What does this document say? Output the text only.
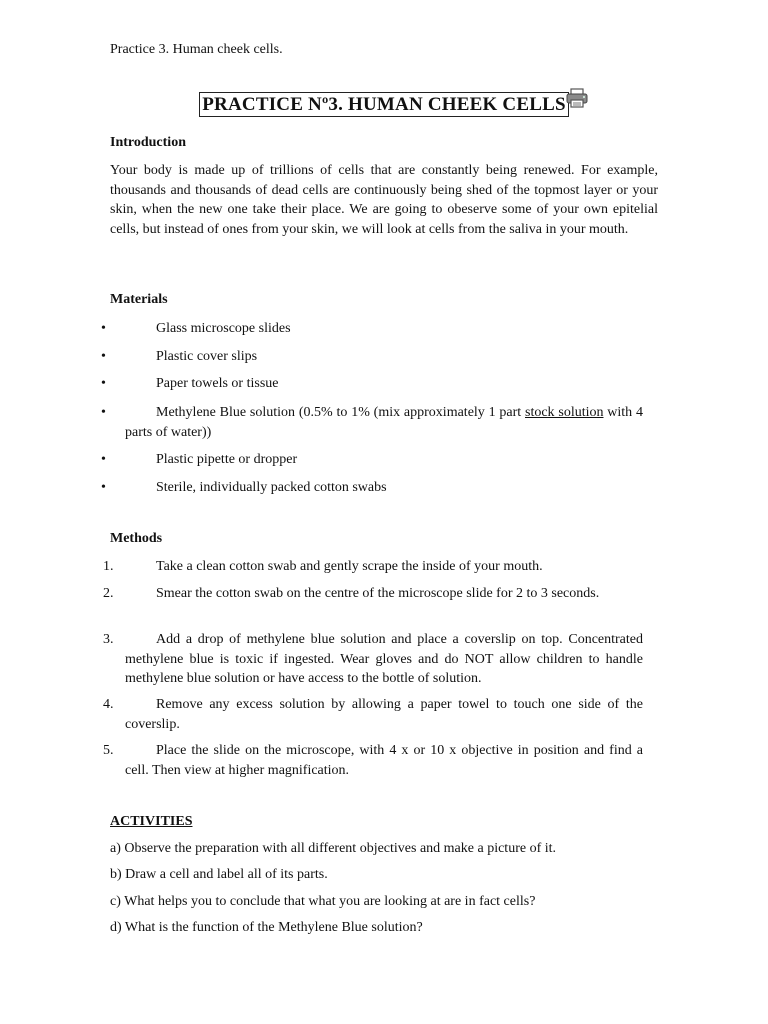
Practice 3. Human cheek cells.
PRACTICE Nº3. HUMAN CHEEK CELLS
Introduction

Your body is made up of trillions of cells that are constantly being renewed. For example, thousands and thousands of dead cells are continuously being shed of the topmost layer or your skin, when the new one take their place. We are going to obeserve some of your own epitelial cells, but instead of ones from your skin, we will look at cells from the saliva in your mouth.

Materials
•	Glass microscope slides
•	Plastic cover slips
•	Paper towels or tissue
•	Methylene Blue solution (0.5% to 1% (mix approximately 1 part stock solution with 4 parts of water))
•	Plastic pipette or dropper
•	Sterile, individually packed cotton swabs
Methods
1.	Take a clean cotton swab and gently scrape the inside of your mouth.
2.	Smear the cotton swab on the centre of the microscope slide for 2 to 3 seconds.
3.	Add a drop of methylene blue solution and place a coverslip on top. Concentrated methylene blue is toxic if ingested. Wear gloves and do NOT allow children to handle methylene blue solution or have access to the bottle of solution.
4.	Remove any excess solution by allowing a paper towel to touch one side of the coverslip.
5.	Place the slide on the microscope, with 4 x or 10 x objective in position and find a cell. Then view at higher magnification.
ACTIVITIES
a) Observe the preparation with all different objectives and make a picture of it.
b) Draw a cell and label all of its parts.
c) What helps you to conclude that what you are looking at are in fact cells?
d) What is the function of the Methylene Blue solution?
